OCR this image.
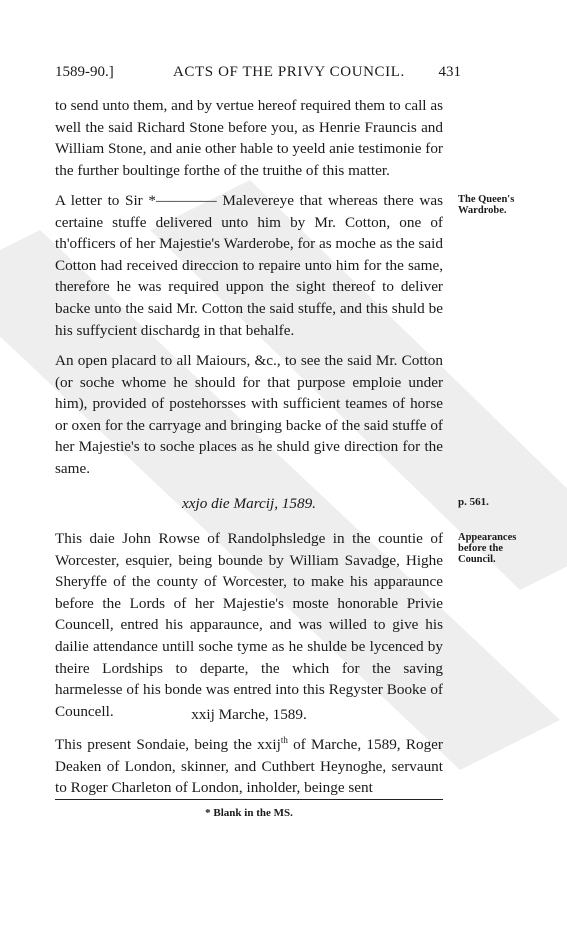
1589-90.]	ACTS OF THE PRIVY COUNCIL. 431

to send unto them, and by vertue hereof required them to call as well the said Richard Stone before you, as Henrie Frauncis and William Stone, and anie other hable to yeeld anie testimonie for the further boultinge forthe of the truithe of this matter.

A letter to Sir *———— Malevereye that whereas there was certaine stuffe delivered unto him by Mr. Cotton, one of th'officers of her Majestie's Warderobe, for as moche as the said Cotton had received direccion to repaire unto him for the same, therefore he was required uppon the sight thereof to deliver backe unto the said Mr. Cotton the said stuffe, and this shuld be his suffycient dischardg in that behalfe.

The Queen's Wardrobe.

An open placard to all Maiours, &c., to see the said Mr. Cotton (or soche whome he should for that purpose emploie under him), provided of postehorsses with sufficient teames of horse or oxen for the carryage and bringing backe of the said stuffe of her Majestie's to soche places as he shuld give direction for the same.

xxjo die Marcij, 1589.	p. 561.

This daie John Rowse of Randolphsledge in the countie of Worcester, esquier, being bounde by William Savadge, Highe Sheryffe of the county of Worcester, to make his apparaunce before the Lords of her Majestie's moste honorable Privie Councell, entred his apparaunce, and was willed to give his dailie attendance untill soche tyme as he shulde be lycenced by theire Lordships to departe, the which for the saving harmelesse of his bonde was entred into this Regyster Booke of Councell.

Appearances before the Council.
xxij Marche, 1589.

This present Sondaie, being the xxij$^{th}$ of Marche, 1589, Roger Deaken of London, skinner, and Cuthbert Heynoghe, servaunt to Roger Charleton of London, inholder, beinge sent

* Blank in the MS.
